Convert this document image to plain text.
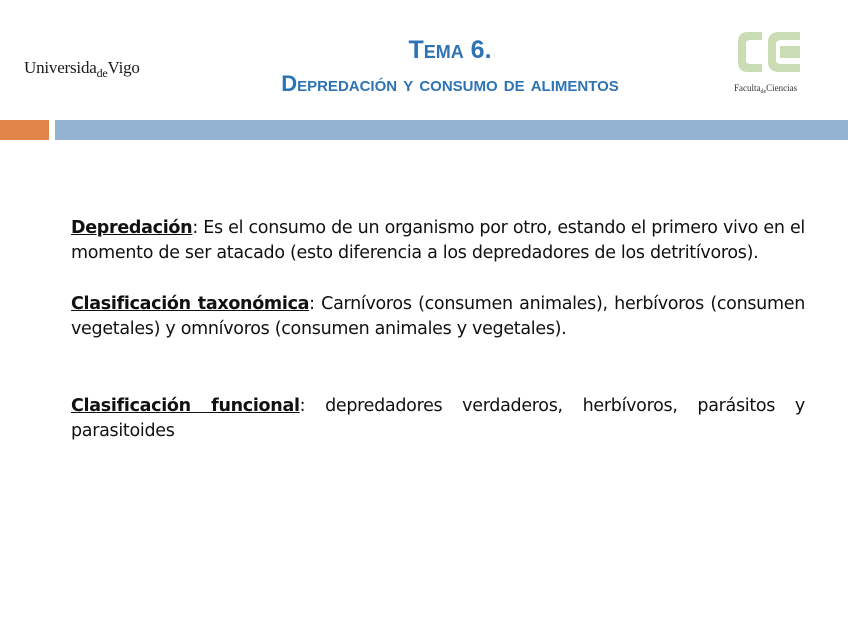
Universida$_{de}$Vigo
Tema 6.
Depredación y consumo de alimentos	Faculta$_{de}$Ciencias

Depredación: Es el consumo de un organismo por otro, estando el primero vivo en el momento de ser atacado (esto diferencia a los depredadores de los detritívoros).

Clasificación taxonómica: Carnívoros (consumen animales), herbívoros (consumen vegetales) y omnívoros (consumen animales y vegetales).

Clasificación funcional: depredadores verdaderos, herbívoros, parásitos y parasitoides
